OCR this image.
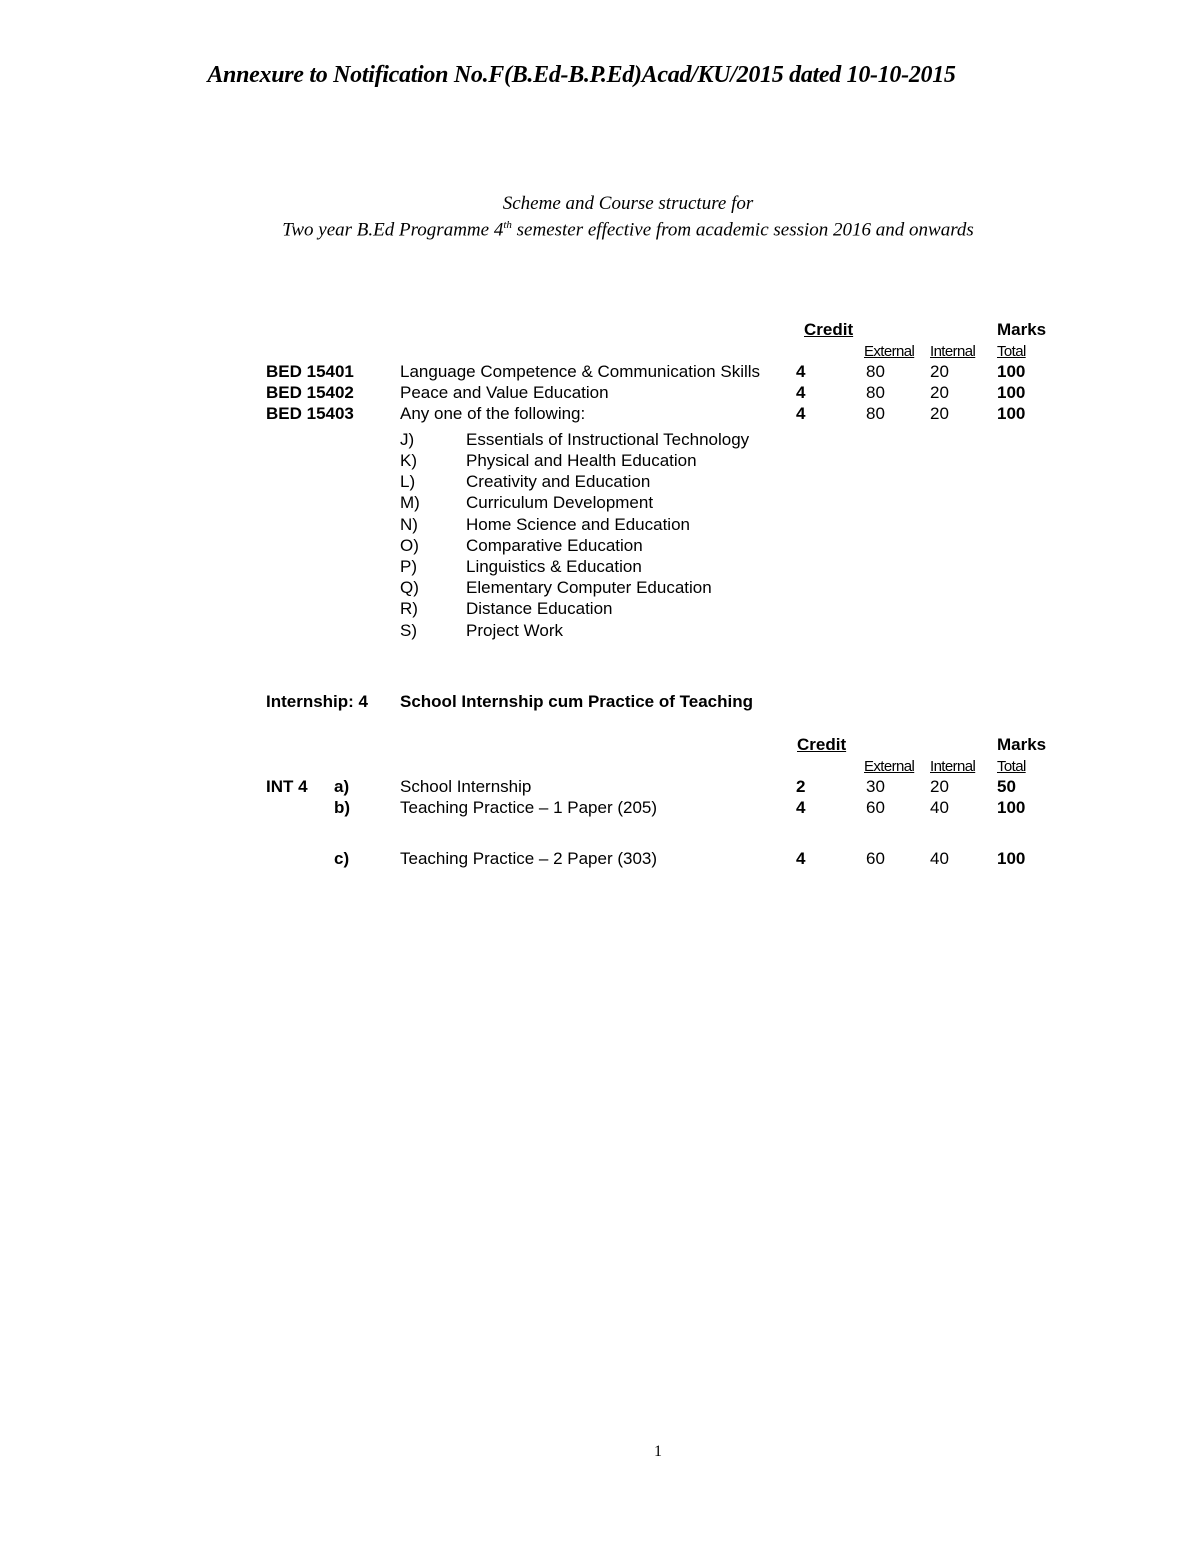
Annexure to Notification No.F(B.Ed-B.P.Ed)Acad/KU/2015 dated 10-10-2015
Scheme and Course structure for
Two year B.Ed Programme 4th semester effective from academic session 2016 and onwards
Credit	Marks
External Internal Total
BED 15401	Language Competence & Communication Skills 4	80	20	100
BED 15402	Peace and Value Education	4	80	20	100
BED 15403	Any one of the following:	4	80	20	100
J)	Essentials of Instructional Technology
K)	Physical and Health Education
L)	Creativity and Education
M)	Curriculum Development
N)	Home Science and Education
O)	Comparative Education
P)	Linguistics & Education
Q)	Elementary Computer Education
R)	Distance Education
S)	Project Work
Internship: 4 School Internship cum Practice of Teaching
Credit	Marks
External Internal Total
INT 4 a)	School Internship	2	30	20	50
b)	Teaching Practice – 1 Paper (205)	4	60	40	100
c)	Teaching Practice – 2 Paper (303)	4	60	40	100
1
